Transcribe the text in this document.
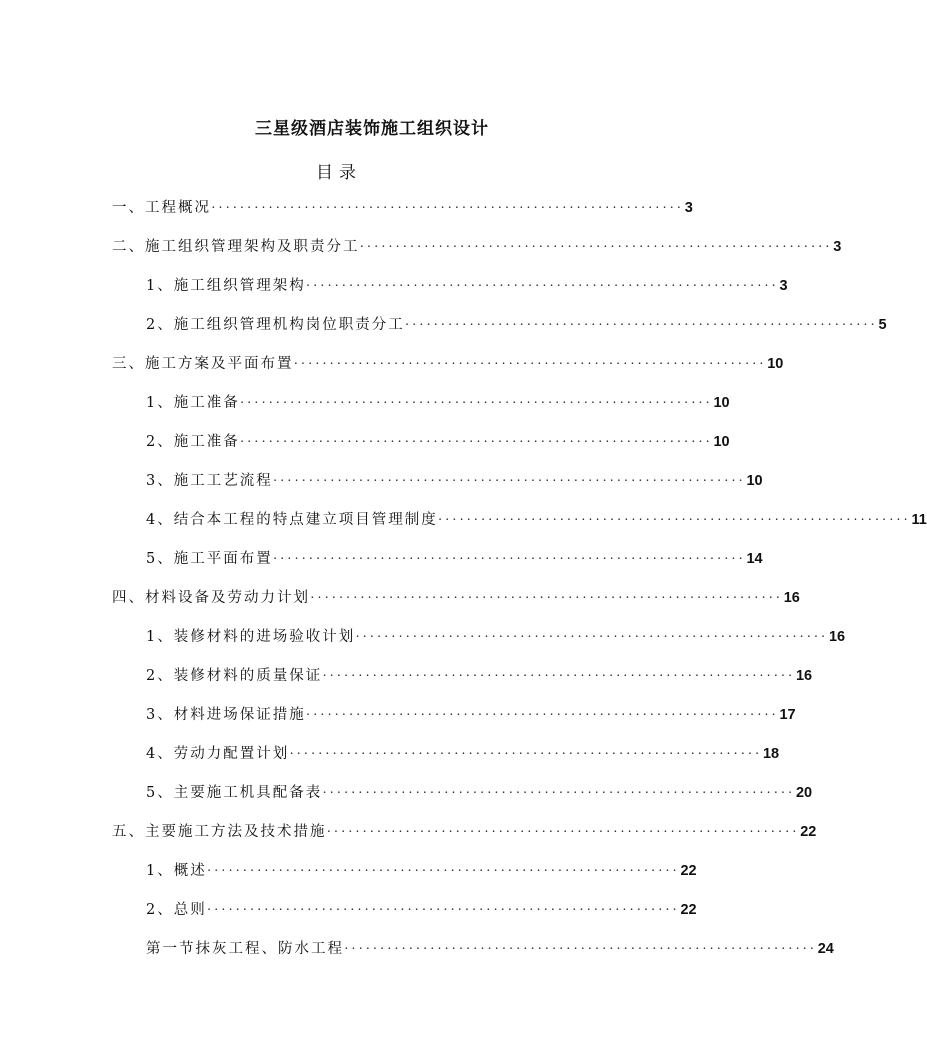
三星级酒店装饰施工组织设计
目录
一、工程概况 ·································································· 3
二、施工组织管理架构及职责分工 ·································································· 3
1、施工组织管理架构 ·································································· 3
2、施工组织管理机构岗位职责分工 ·································································· 5
三、施工方案及平面布置 ·································································· 10
1、施工准备 ·································································· 10
2、施工准备 ·································································· 10
3、施工工艺流程 ·································································· 10
4、结合本工程的特点建立项目管理制度 ·································································· 11
5、施工平面布置 ·································································· 14
四、材料设备及劳动力计划 ·································································· 16
1、装修材料的进场验收计划 ·································································· 16
2、装修材料的质量保证 ·································································· 16
3、材料进场保证措施 ·································································· 17
4、劳动力配置计划 ·································································· 18
5、主要施工机具配备表 ·································································· 20
五、主要施工方法及技术措施 ·································································· 22
1、概述 ·································································· 22
2、总则 ·································································· 22
第一节抹灰工程、防水工程 ·································································· 24
